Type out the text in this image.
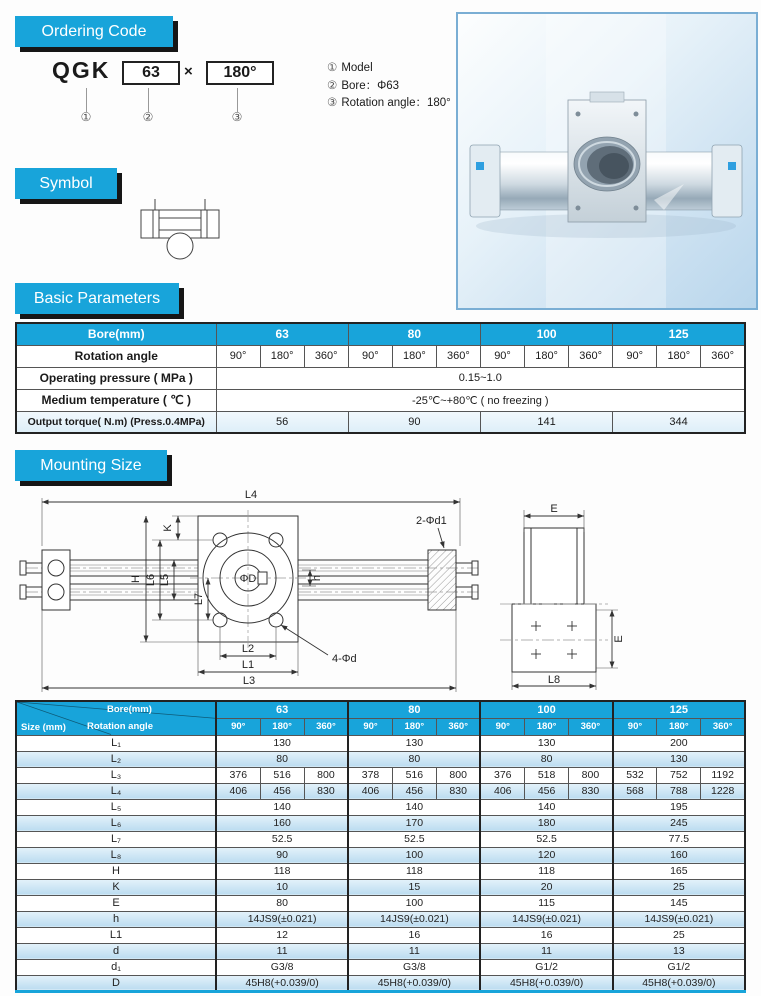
Ordering Code
Symbol
Basic Parameters
Mounting Size
QGK	63	×	180°
①	②	③
① Model
② Bore：Φ63
③ Rotation angle：180°
Bore(mm)	63			80			100			125		
Rotation angle	90°	180°	360°	90°	180°	360°	90°	180°	360°	90°	180°	360°
Operating pressure ( MPa )	0.15~1.0											
Medium temperature ( ℃ )	-25℃~+80℃ ( no freezing )											
Output torque( N.m) (Press.0.4MPa)	56			90			141			344		
L4
K
H L6 L5
L7
ΦD	h
2-Φd1
4-Φd
L2
L1
L3
E
E
L8
Bore(mm)
Rotation angle
Size (mm)	63			80			100			125		
	90°	180°	360°	90°	180°	360°	90°	180°	360°	90°	180°	360°
L₁	130			130			130			200		
L₂	80			80			80			130		
L₃	376	516	800	378	516	800	376	518	800	532	752	1192
L₄	406	456	830	406	456	830	406	456	830	568	788	1228
L₅	140			140			140			195		
L₆	160			170			180			245		
L₇	52.5			52.5			52.5			77.5		
L₈	90			100			120			160		
H	118			118			118			165		
K	10			15			20			25		
E	80			100			115			145		
h	14JS9(±0.021)			14JS9(±0.021)			14JS9(±0.021)			14JS9(±0.021)		
L1	12			16			16			25		
d	11			11			11			13		
d₁	G3/8			G3/8			G1/2			G1/2		
D	45H8(+0.039/0)			45H8(+0.039/0)			45H8(+0.039/0)			45H8(+0.039/0)		
